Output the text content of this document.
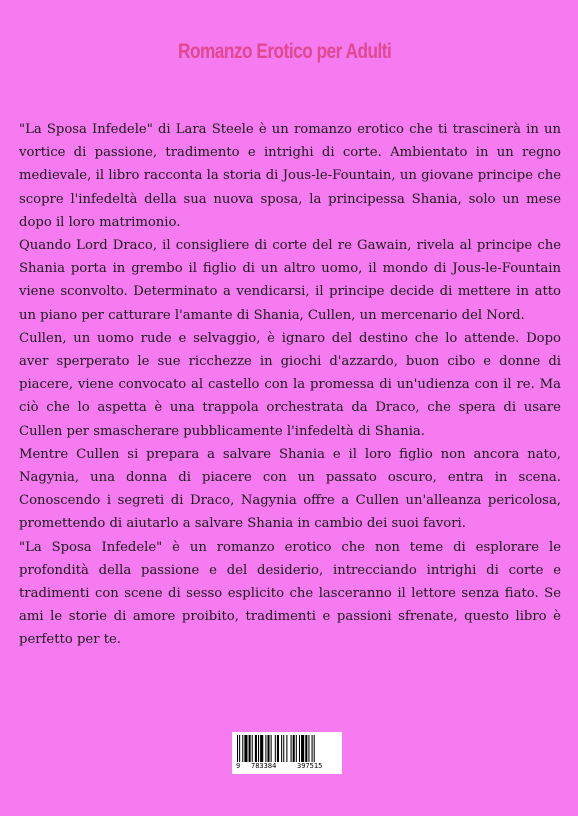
Romanzo Erotico per Adulti

"La Sposa Infedele" di Lara Steele è un romanzo erotico che ti trascinerà in un vortice di passione, tradimento e intrighi di corte. Ambientato in un regno medievale, il libro racconta la storia di Jous-le-Fountain, un giovane principe che scopre l'infedeltà della sua nuova sposa, la principessa Shania, solo un mese dopo il loro matrimonio.

Quando Lord Draco, il consigliere di corte del re Gawain, rivela al principe che Shania porta in grembo il figlio di un altro uomo, il mondo di Jous-le-Fountain viene sconvolto. Determinato a vendicarsi, il principe decide di mettere in atto un piano per catturare l'amante di Shania, Cullen, un mercenario del Nord.

Cullen, un uomo rude e selvaggio, è ignaro del destino che lo attende. Dopo aver sperperato le sue ricchezze in giochi d'azzardo, buon cibo e donne di piacere, viene convocato al castello con la promessa di un'udienza con il re. Ma ciò che lo aspetta è una trappola orchestrata da Draco, che spera di usare Cullen per smascherare pubblicamente l'infedeltà di Shania.

Mentre Cullen si prepara a salvare Shania e il loro figlio non ancora nato, Nagynia, una donna di piacere con un passato oscuro, entra in scena. Conoscendo i segreti di Draco, Nagynia offre a Cullen un'alleanza pericolosa, promettendo di aiutarlo a salvare Shania in cambio dei suoi favori.

"La Sposa Infedele" è un romanzo erotico che non teme di esplorare le profondità della passione e del desiderio, intrecciando intrighi di corte e tradimenti con scene di sesso esplicito che lasceranno il lettore senza fiato. Se ami le storie di amore proibito, tradimenti e passioni sfrenate, questo libro è perfetto per te.

9 783384	397515
